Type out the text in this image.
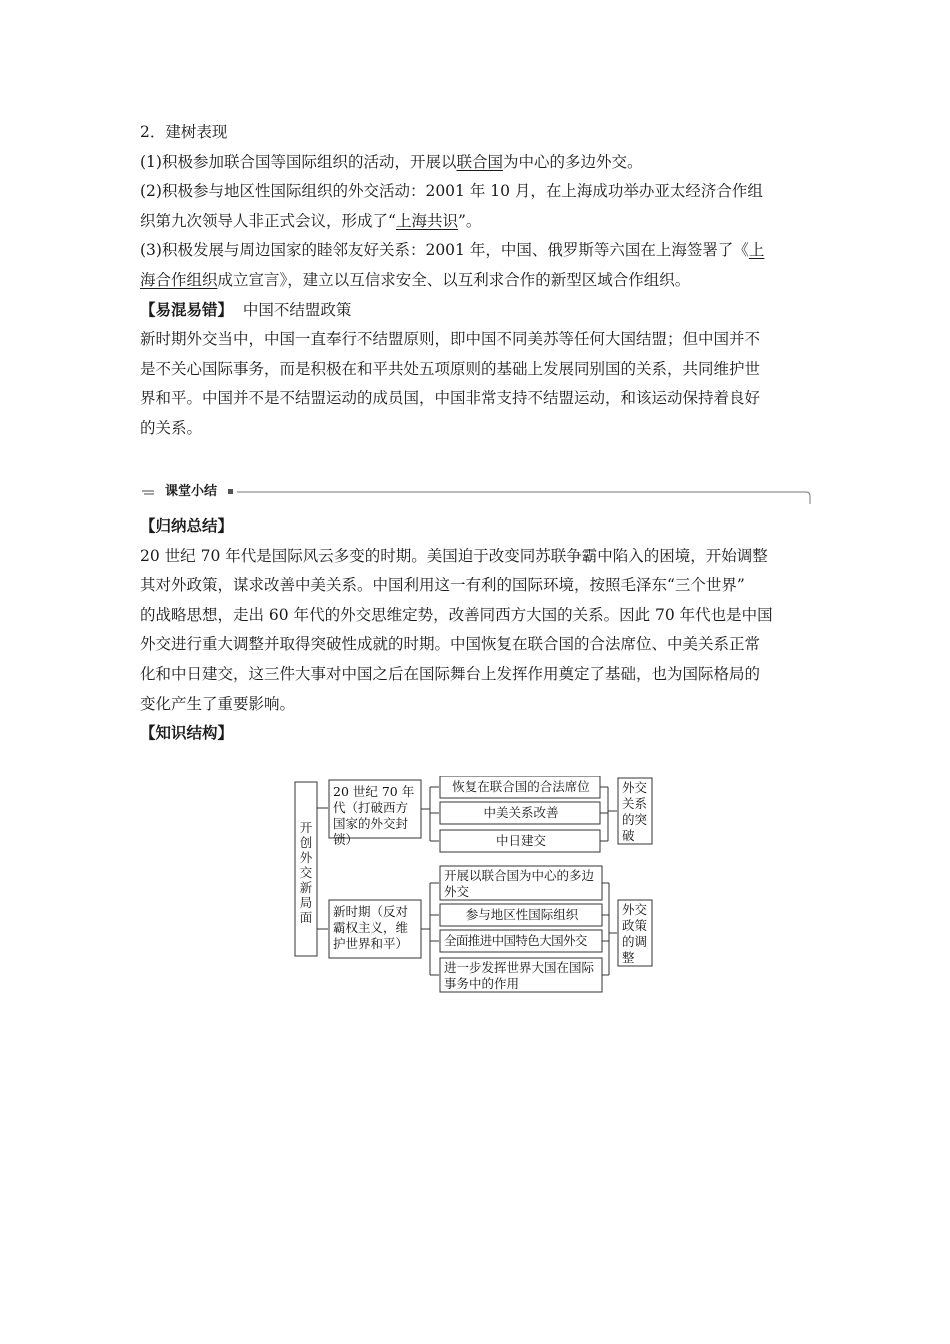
2．建树表现
(1)积极参加联合国等国际组织的活动，开展以联合国为中心的多边外交。
(2)积极参与地区性国际组织的外交活动：2001 年 10 月，在上海成功举办亚太经济合作组
织第九次领导人非正式会议，形成了“上海共识”。
(3)积极发展与周边国家的睦邻友好关系：2001 年，中国、俄罗斯等六国在上海签署了《上
海合作组织成立宣言》，建立以互信求安全、以互利求合作的新型区域合作组织。
【易混易错】 中国不结盟政策
新时期外交当中，中国一直奉行不结盟原则，即中国不同美苏等任何大国结盟；但中国并不
是不关心国际事务，而是积极在和平共处五项原则的基础上发展同别国的关系，共同维护世
界和平。中国并不是不结盟运动的成员国，中国非常支持不结盟运动，和该运动保持着良好
的关系。
课堂小结
【归纳总结】
20 世纪 70 年代是国际风云多变的时期。美国迫于改变同苏联争霸中陷入的困境，开始调整
其对外政策，谋求改善中美关系。中国利用这一有利的国际环境，按照毛泽东“三个世界”
的战略思想，走出 60 年代的外交思维定势，改善同西方大国的关系。因此 70 年代也是中国
外交进行重大调整并取得突破性成就的时期。中国恢复在联合国的合法席位、中美关系正常
化和中日建交，这三件大事对中国之后在国际舞台上发挥作用奠定了基础，也为国际格局的
变化产生了重要影响。
【知识结构】
开创外交新局面
20 世纪 70 年代（打破西方国家的外交封锁）
新时期（反对霸权主义，维护世界和平）
恢复在联合国的合法席位
中美关系改善
中日建交
开展以联合国为中心的多边外交
参与地区性国际组织
全面推进中国特色大国外交
进一步发挥世界大国在国际事务中的作用
外交关系的突破
外交政策的调整
